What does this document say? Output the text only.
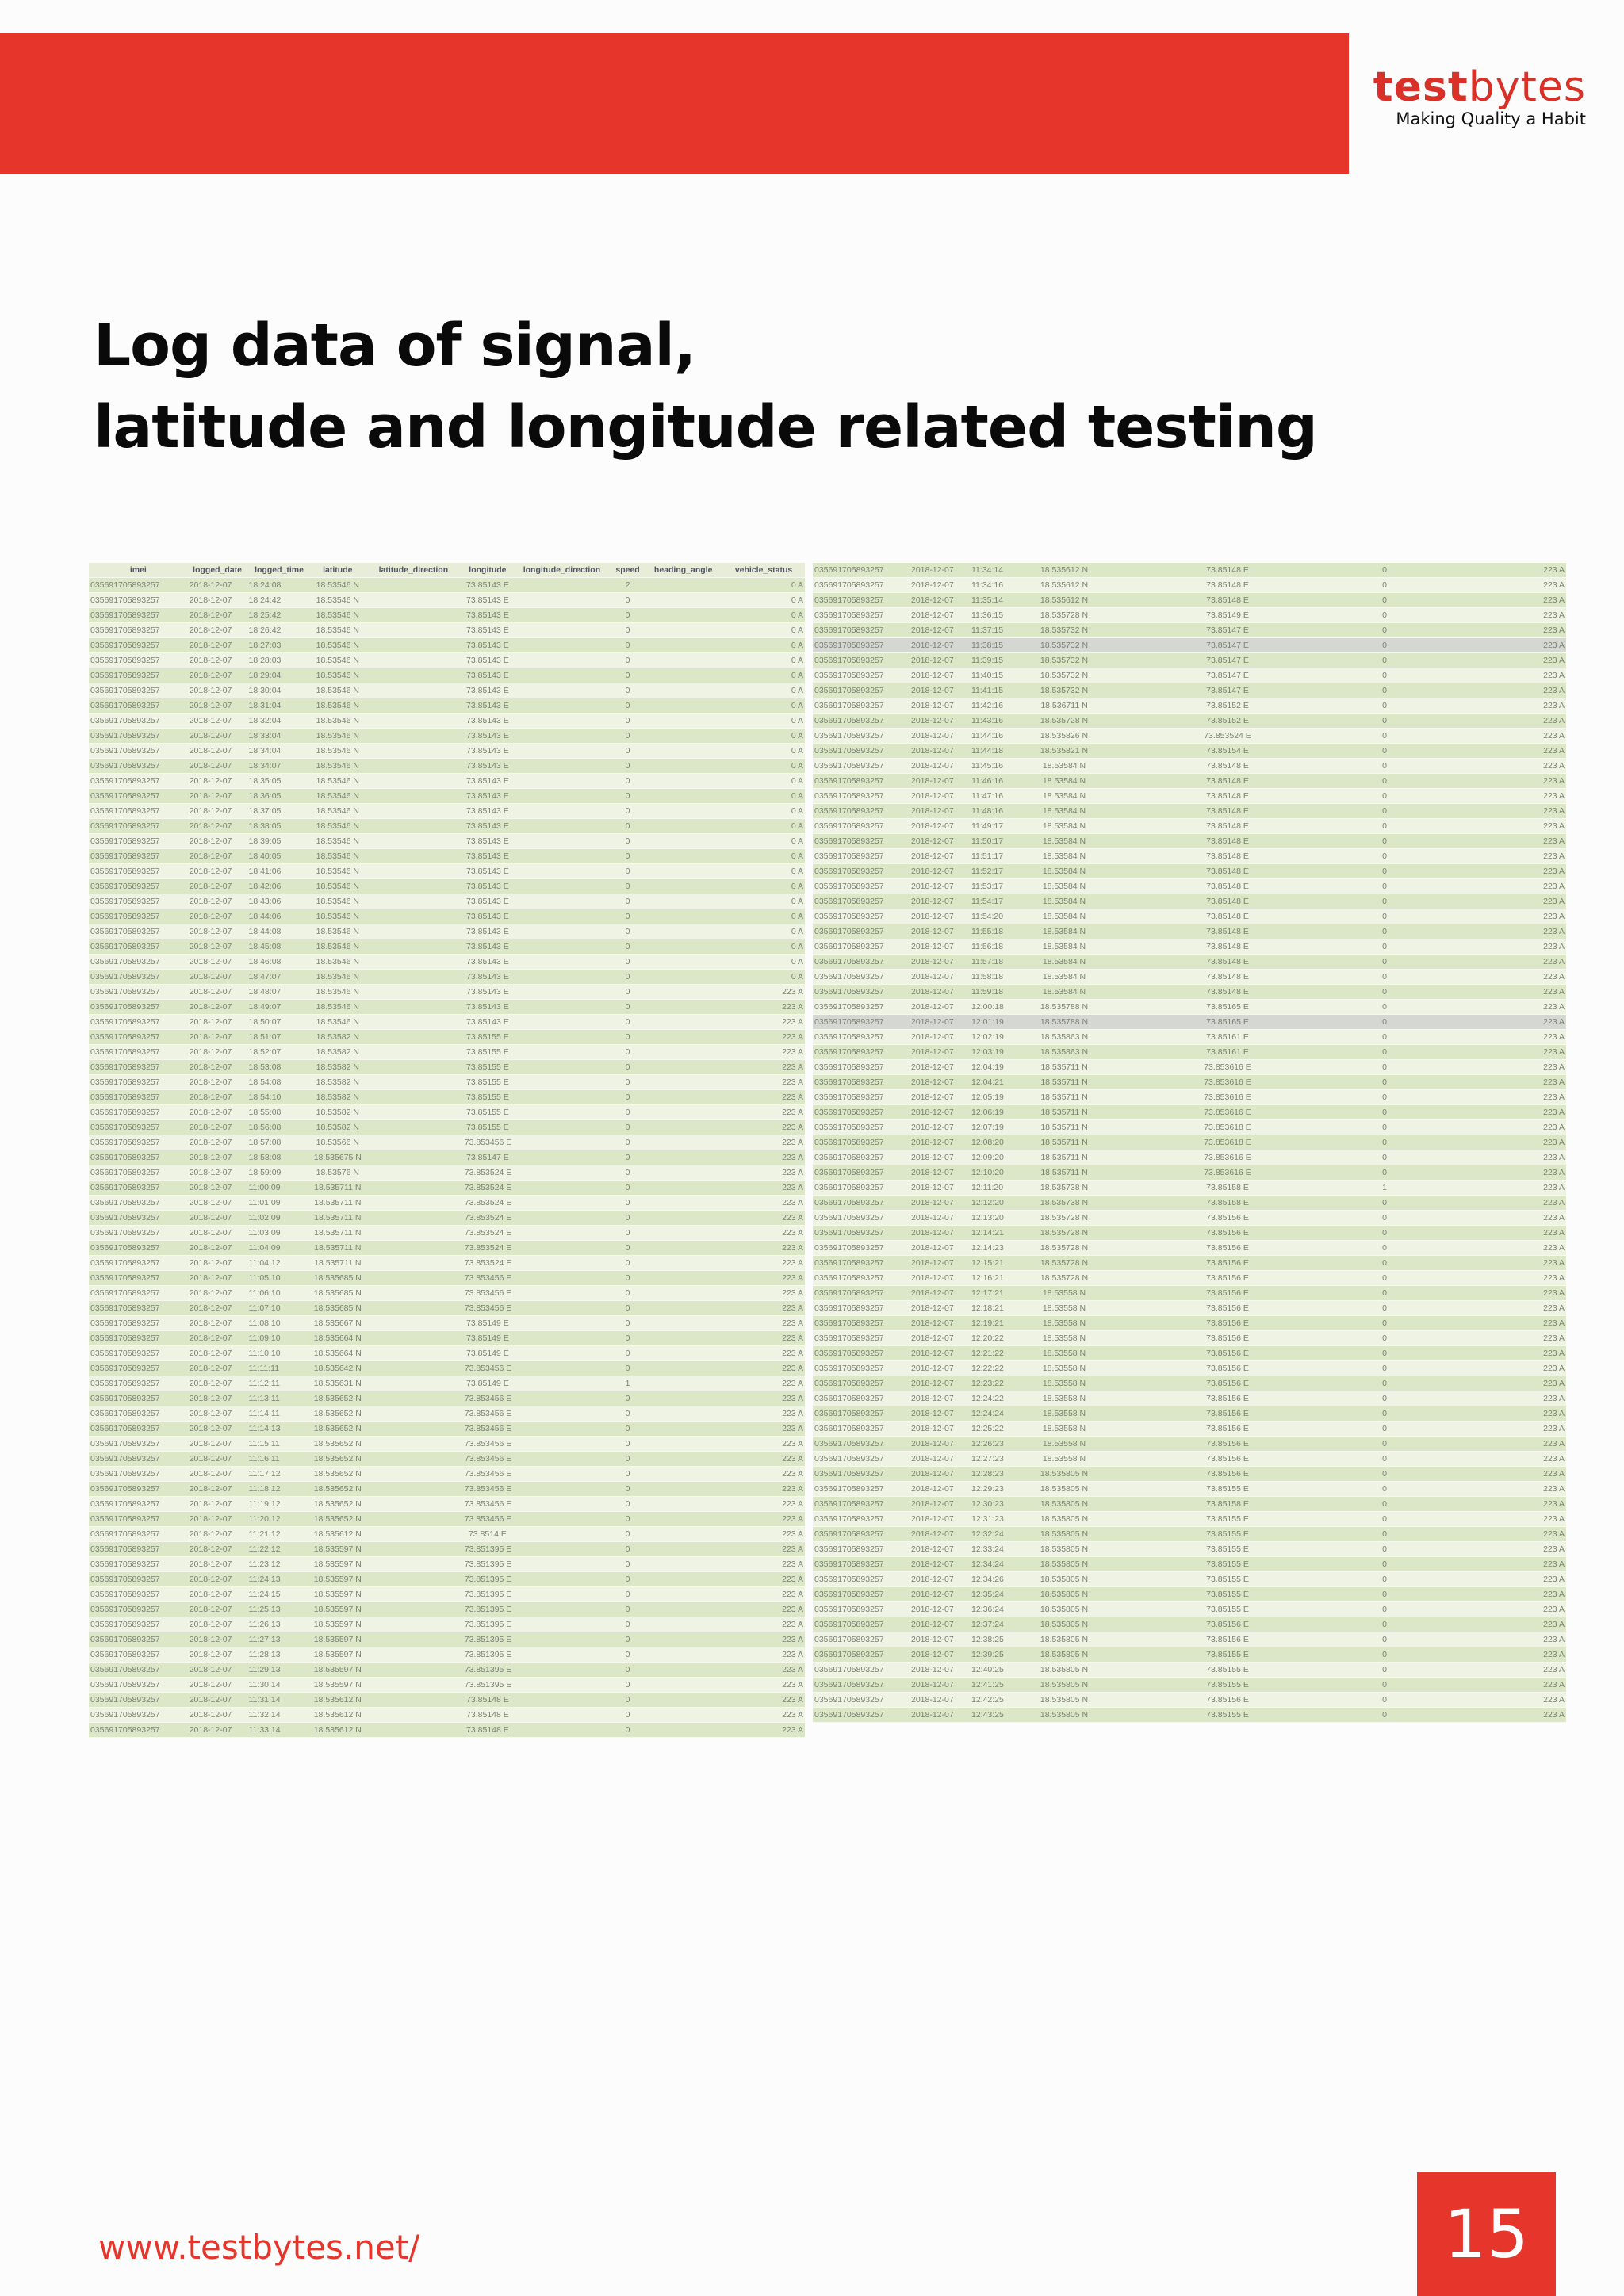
testbytes
Making Quality a Habit
Log data of signal,
latitude and longitude related testing
imei	logged_date	logged_time	latitude	latitude_direction	longitude	longitude_direction	speed	heading_angle	vehicle_status
035691705893257	2018-12-07	18:24:08	18.53546 N		73.85143 E		2		0 A
035691705893257	2018-12-07	18:24:42	18.53546 N		73.85143 E		0		0 A
035691705893257	2018-12-07	18:25:42	18.53546 N		73.85143 E		0		0 A
035691705893257	2018-12-07	18:26:42	18.53546 N		73.85143 E		0		0 A
035691705893257	2018-12-07	18:27:03	18.53546 N		73.85143 E		0		0 A
035691705893257	2018-12-07	18:28:03	18.53546 N		73.85143 E		0		0 A
035691705893257	2018-12-07	18:29:04	18.53546 N		73.85143 E		0		0 A
035691705893257	2018-12-07	18:30:04	18.53546 N		73.85143 E		0		0 A
035691705893257	2018-12-07	18:31:04	18.53546 N		73.85143 E		0		0 A
035691705893257	2018-12-07	18:32:04	18.53546 N		73.85143 E		0		0 A
035691705893257	2018-12-07	18:33:04	18.53546 N		73.85143 E		0		0 A
035691705893257	2018-12-07	18:34:04	18.53546 N		73.85143 E		0		0 A
035691705893257	2018-12-07	18:34:07	18.53546 N		73.85143 E		0		0 A
035691705893257	2018-12-07	18:35:05	18.53546 N		73.85143 E		0		0 A
035691705893257	2018-12-07	18:36:05	18.53546 N		73.85143 E		0		0 A
035691705893257	2018-12-07	18:37:05	18.53546 N		73.85143 E		0		0 A
035691705893257	2018-12-07	18:38:05	18.53546 N		73.85143 E		0		0 A
035691705893257	2018-12-07	18:39:05	18.53546 N		73.85143 E		0		0 A
035691705893257	2018-12-07	18:40:05	18.53546 N		73.85143 E		0		0 A
035691705893257	2018-12-07	18:41:06	18.53546 N		73.85143 E		0		0 A
035691705893257	2018-12-07	18:42:06	18.53546 N		73.85143 E		0		0 A
035691705893257	2018-12-07	18:43:06	18.53546 N		73.85143 E		0		0 A
035691705893257	2018-12-07	18:44:06	18.53546 N		73.85143 E		0		0 A
035691705893257	2018-12-07	18:44:08	18.53546 N		73.85143 E		0		0 A
035691705893257	2018-12-07	18:45:08	18.53546 N		73.85143 E		0		0 A
035691705893257	2018-12-07	18:46:08	18.53546 N		73.85143 E		0		0 A
035691705893257	2018-12-07	18:47:07	18.53546 N		73.85143 E		0		0 A
035691705893257	2018-12-07	18:48:07	18.53546 N		73.85143 E		0		223 A
035691705893257	2018-12-07	18:49:07	18.53546 N		73.85143 E		0		223 A
035691705893257	2018-12-07	18:50:07	18.53546 N		73.85143 E		0		223 A
035691705893257	2018-12-07	18:51:07	18.53582 N		73.85155 E		0		223 A
035691705893257	2018-12-07	18:52:07	18.53582 N		73.85155 E		0		223 A
035691705893257	2018-12-07	18:53:08	18.53582 N		73.85155 E		0		223 A
035691705893257	2018-12-07	18:54:08	18.53582 N		73.85155 E		0		223 A
035691705893257	2018-12-07	18:54:10	18.53582 N		73.85155 E		0		223 A
035691705893257	2018-12-07	18:55:08	18.53582 N		73.85155 E		0		223 A
035691705893257	2018-12-07	18:56:08	18.53582 N		73.85155 E		0		223 A
035691705893257	2018-12-07	18:57:08	18.53566 N		73.853456 E		0		223 A
035691705893257	2018-12-07	18:58:08	18.535675 N		73.85147 E		0		223 A
035691705893257	2018-12-07	18:59:09	18.53576 N		73.853524 E		0		223 A
035691705893257	2018-12-07	11:00:09	18.535711 N		73.853524 E		0		223 A
035691705893257	2018-12-07	11:01:09	18.535711 N		73.853524 E		0		223 A
035691705893257	2018-12-07	11:02:09	18.535711 N		73.853524 E		0		223 A
035691705893257	2018-12-07	11:03:09	18.535711 N		73.853524 E		0		223 A
035691705893257	2018-12-07	11:04:09	18.535711 N		73.853524 E		0		223 A
035691705893257	2018-12-07	11:04:12	18.535711 N		73.853524 E		0		223 A
035691705893257	2018-12-07	11:05:10	18.535685 N		73.853456 E		0		223 A
035691705893257	2018-12-07	11:06:10	18.535685 N		73.853456 E		0		223 A
035691705893257	2018-12-07	11:07:10	18.535685 N		73.853456 E		0		223 A
035691705893257	2018-12-07	11:08:10	18.535667 N		73.85149 E		0		223 A
035691705893257	2018-12-07	11:09:10	18.535664 N		73.85149 E		0		223 A
035691705893257	2018-12-07	11:10:10	18.535664 N		73.85149 E		0		223 A
035691705893257	2018-12-07	11:11:11	18.535642 N		73.853456 E		0		223 A
035691705893257	2018-12-07	11:12:11	18.535631 N		73.85149 E		1		223 A
035691705893257	2018-12-07	11:13:11	18.535652 N		73.853456 E		0		223 A
035691705893257	2018-12-07	11:14:11	18.535652 N		73.853456 E		0		223 A
035691705893257	2018-12-07	11:14:13	18.535652 N		73.853456 E		0		223 A
035691705893257	2018-12-07	11:15:11	18.535652 N		73.853456 E		0		223 A
035691705893257	2018-12-07	11:16:11	18.535652 N		73.853456 E		0		223 A
035691705893257	2018-12-07	11:17:12	18.535652 N		73.853456 E		0		223 A
035691705893257	2018-12-07	11:18:12	18.535652 N		73.853456 E		0		223 A
035691705893257	2018-12-07	11:19:12	18.535652 N		73.853456 E		0		223 A
035691705893257	2018-12-07	11:20:12	18.535652 N		73.853456 E		0		223 A
035691705893257	2018-12-07	11:21:12	18.535612 N		73.8514 E		0		223 A
035691705893257	2018-12-07	11:22:12	18.535597 N		73.851395 E		0		223 A
035691705893257	2018-12-07	11:23:12	18.535597 N		73.851395 E		0		223 A
035691705893257	2018-12-07	11:24:13	18.535597 N		73.851395 E		0		223 A
035691705893257	2018-12-07	11:24:15	18.535597 N		73.851395 E		0		223 A
035691705893257	2018-12-07	11:25:13	18.535597 N		73.851395 E		0		223 A
035691705893257	2018-12-07	11:26:13	18.535597 N		73.851395 E		0		223 A
035691705893257	2018-12-07	11:27:13	18.535597 N		73.851395 E		0		223 A
035691705893257	2018-12-07	11:28:13	18.535597 N		73.851395 E		0		223 A
035691705893257	2018-12-07	11:29:13	18.535597 N		73.851395 E		0		223 A
035691705893257	2018-12-07	11:30:14	18.535597 N		73.851395 E		0		223 A
035691705893257	2018-12-07	11:31:14	18.535612 N		73.85148 E		0		223 A
035691705893257	2018-12-07	11:32:14	18.535612 N		73.85148 E		0		223 A
035691705893257	2018-12-07	11:33:14	18.535612 N		73.85148 E		0		223 A
035691705893257	2018-12-07	11:34:14	18.535612 N		73.85148 E		0		223 A
035691705893257	2018-12-07	11:34:16	18.535612 N		73.85148 E		0		223 A
035691705893257	2018-12-07	11:35:14	18.535612 N		73.85148 E		0		223 A
035691705893257	2018-12-07	11:36:15	18.535728 N		73.85149 E		0		223 A
035691705893257	2018-12-07	11:37:15	18.535732 N		73.85147 E		0		223 A
035691705893257	2018-12-07	11:38:15	18.535732 N		73.85147 E		0		223 A
035691705893257	2018-12-07	11:39:15	18.535732 N		73.85147 E		0		223 A
035691705893257	2018-12-07	11:40:15	18.535732 N		73.85147 E		0		223 A
035691705893257	2018-12-07	11:41:15	18.535732 N		73.85147 E		0		223 A
035691705893257	2018-12-07	11:42:16	18.536711 N		73.85152 E		0		223 A
035691705893257	2018-12-07	11:43:16	18.535728 N		73.85152 E		0		223 A
035691705893257	2018-12-07	11:44:16	18.535826 N		73.853524 E		0		223 A
035691705893257	2018-12-07	11:44:18	18.535821 N		73.85154 E		0		223 A
035691705893257	2018-12-07	11:45:16	18.53584 N		73.85148 E		0		223 A
035691705893257	2018-12-07	11:46:16	18.53584 N		73.85148 E		0		223 A
035691705893257	2018-12-07	11:47:16	18.53584 N		73.85148 E		0		223 A
035691705893257	2018-12-07	11:48:16	18.53584 N		73.85148 E		0		223 A
035691705893257	2018-12-07	11:49:17	18.53584 N		73.85148 E		0		223 A
035691705893257	2018-12-07	11:50:17	18.53584 N		73.85148 E		0		223 A
035691705893257	2018-12-07	11:51:17	18.53584 N		73.85148 E		0		223 A
035691705893257	2018-12-07	11:52:17	18.53584 N		73.85148 E		0		223 A
035691705893257	2018-12-07	11:53:17	18.53584 N		73.85148 E		0		223 A
035691705893257	2018-12-07	11:54:17	18.53584 N		73.85148 E		0		223 A
035691705893257	2018-12-07	11:54:20	18.53584 N		73.85148 E		0		223 A
035691705893257	2018-12-07	11:55:18	18.53584 N		73.85148 E		0		223 A
035691705893257	2018-12-07	11:56:18	18.53584 N		73.85148 E		0		223 A
035691705893257	2018-12-07	11:57:18	18.53584 N		73.85148 E		0		223 A
035691705893257	2018-12-07	11:58:18	18.53584 N		73.85148 E		0		223 A
035691705893257	2018-12-07	11:59:18	18.53584 N		73.85148 E		0		223 A
035691705893257	2018-12-07	12:00:18	18.535788 N		73.85165 E		0		223 A
035691705893257	2018-12-07	12:01:19	18.535788 N		73.85165 E		0		223 A
035691705893257	2018-12-07	12:02:19	18.535863 N		73.85161 E		0		223 A
035691705893257	2018-12-07	12:03:19	18.535863 N		73.85161 E		0		223 A
035691705893257	2018-12-07	12:04:19	18.535711 N		73.853616 E		0		223 A
035691705893257	2018-12-07	12:04:21	18.535711 N		73.853616 E		0		223 A
035691705893257	2018-12-07	12:05:19	18.535711 N		73.853616 E		0		223 A
035691705893257	2018-12-07	12:06:19	18.535711 N		73.853616 E		0		223 A
035691705893257	2018-12-07	12:07:19	18.535711 N		73.853618 E		0		223 A
035691705893257	2018-12-07	12:08:20	18.535711 N		73.853618 E		0		223 A
035691705893257	2018-12-07	12:09:20	18.535711 N		73.853616 E		0		223 A
035691705893257	2018-12-07	12:10:20	18.535711 N		73.853616 E		0		223 A
035691705893257	2018-12-07	12:11:20	18.535738 N		73.85158 E		1		223 A
035691705893257	2018-12-07	12:12:20	18.535738 N		73.85158 E		0		223 A
035691705893257	2018-12-07	12:13:20	18.535728 N		73.85156 E		0		223 A
035691705893257	2018-12-07	12:14:21	18.535728 N		73.85156 E		0		223 A
035691705893257	2018-12-07	12:14:23	18.535728 N		73.85156 E		0		223 A
035691705893257	2018-12-07	12:15:21	18.535728 N		73.85156 E		0		223 A
035691705893257	2018-12-07	12:16:21	18.535728 N		73.85156 E		0		223 A
035691705893257	2018-12-07	12:17:21	18.53558 N		73.85156 E		0		223 A
035691705893257	2018-12-07	12:18:21	18.53558 N		73.85156 E		0		223 A
035691705893257	2018-12-07	12:19:21	18.53558 N		73.85156 E		0		223 A
035691705893257	2018-12-07	12:20:22	18.53558 N		73.85156 E		0		223 A
035691705893257	2018-12-07	12:21:22	18.53558 N		73.85156 E		0		223 A
035691705893257	2018-12-07	12:22:22	18.53558 N		73.85156 E		0		223 A
035691705893257	2018-12-07	12:23:22	18.53558 N		73.85156 E		0		223 A
035691705893257	2018-12-07	12:24:22	18.53558 N		73.85156 E		0		223 A
035691705893257	2018-12-07	12:24:24	18.53558 N		73.85156 E		0		223 A
035691705893257	2018-12-07	12:25:22	18.53558 N		73.85156 E		0		223 A
035691705893257	2018-12-07	12:26:23	18.53558 N		73.85156 E		0		223 A
035691705893257	2018-12-07	12:27:23	18.53558 N		73.85156 E		0		223 A
035691705893257	2018-12-07	12:28:23	18.535805 N		73.85156 E		0		223 A
035691705893257	2018-12-07	12:29:23	18.535805 N		73.85155 E		0		223 A
035691705893257	2018-12-07	12:30:23	18.535805 N		73.85158 E		0		223 A
035691705893257	2018-12-07	12:31:23	18.535805 N		73.85155 E		0		223 A
035691705893257	2018-12-07	12:32:24	18.535805 N		73.85155 E		0		223 A
035691705893257	2018-12-07	12:33:24	18.535805 N		73.85155 E		0		223 A
035691705893257	2018-12-07	12:34:24	18.535805 N		73.85155 E		0		223 A
035691705893257	2018-12-07	12:34:26	18.535805 N		73.85155 E		0		223 A
035691705893257	2018-12-07	12:35:24	18.535805 N		73.85155 E		0		223 A
035691705893257	2018-12-07	12:36:24	18.535805 N		73.85155 E		0		223 A
035691705893257	2018-12-07	12:37:24	18.535805 N		73.85156 E		0		223 A
035691705893257	2018-12-07	12:38:25	18.535805 N		73.85156 E		0		223 A
035691705893257	2018-12-07	12:39:25	18.535805 N		73.85155 E		0		223 A
035691705893257	2018-12-07	12:40:25	18.535805 N		73.85155 E		0		223 A
035691705893257	2018-12-07	12:41:25	18.535805 N		73.85155 E		0		223 A
035691705893257	2018-12-07	12:42:25	18.535805 N		73.85156 E		0		223 A
035691705893257	2018-12-07	12:43:25	18.535805 N		73.85155 E		0		223 A
www.testbytes.net/	15
